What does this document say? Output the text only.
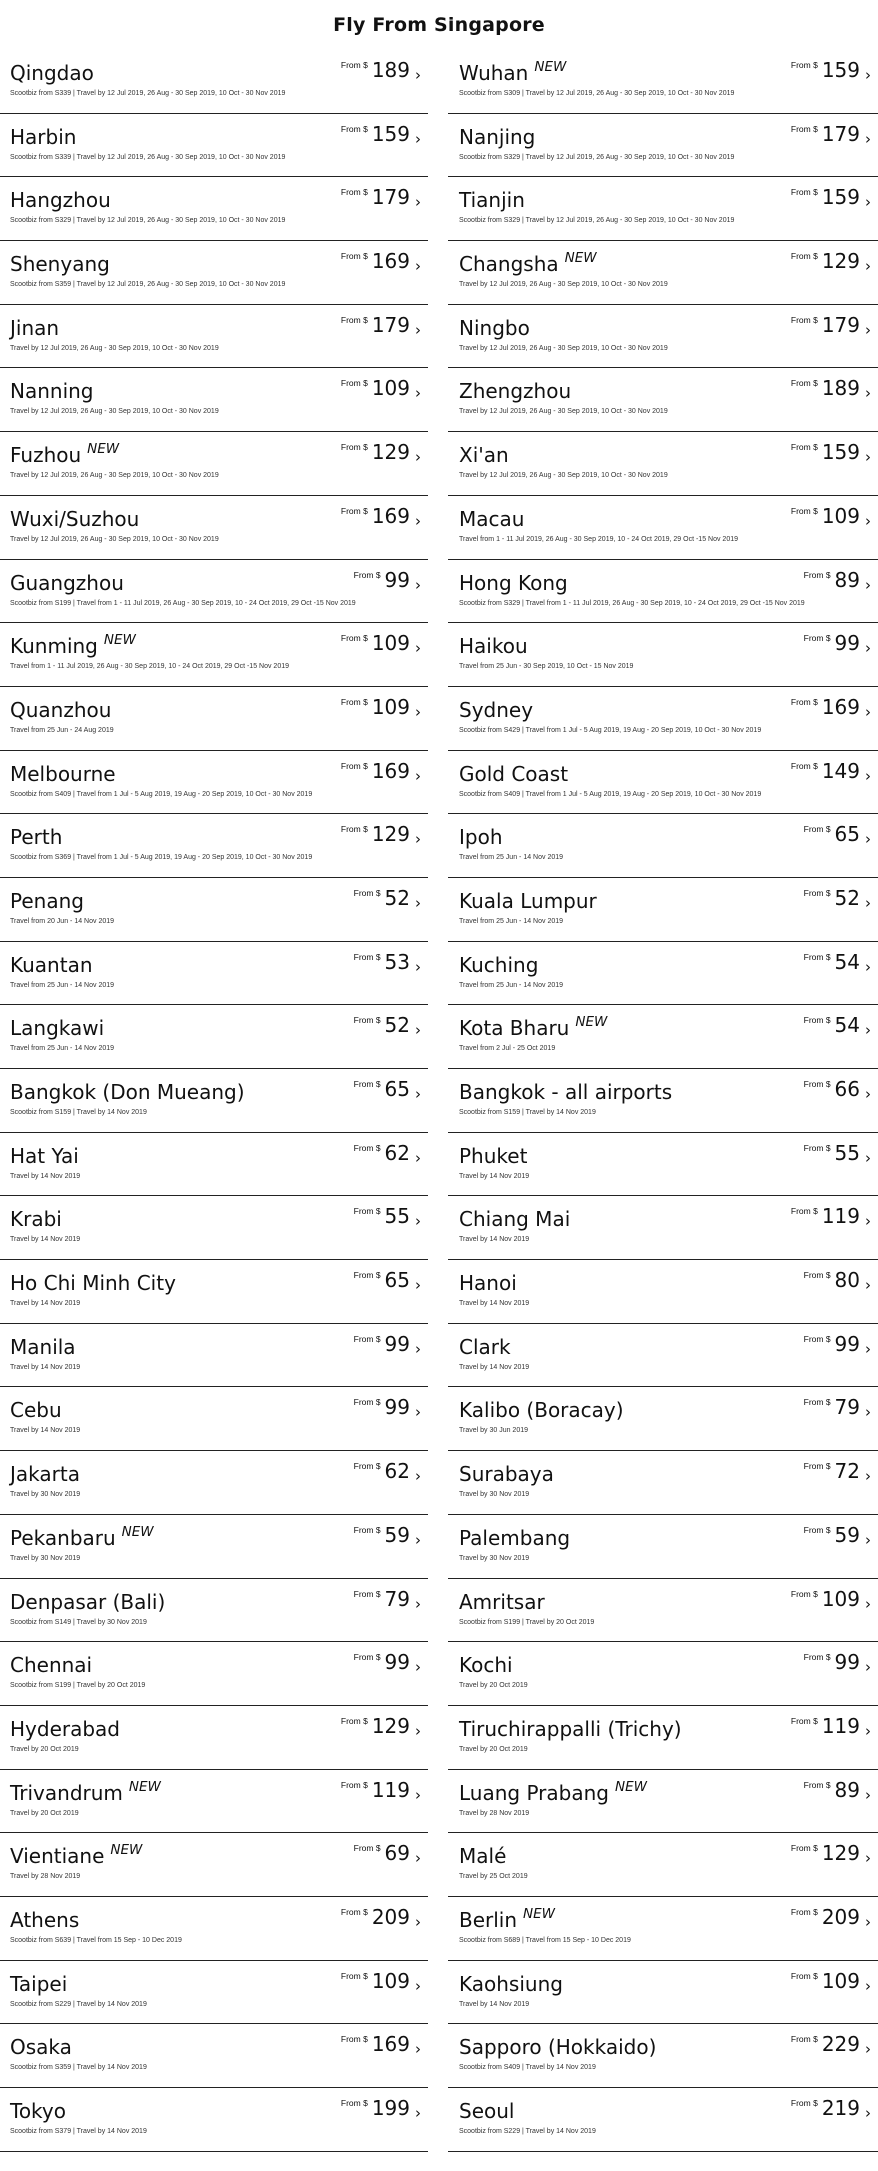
Fly From Singapore
Qingdao
Scootbiz from S339 | Travel by 12 Jul 2019, 26 Aug - 30 Sep 2019, 10 Oct - 30 Nov 2019
$^{From \$}$ 189 › Wuhan $^{NEW}$
Scootbiz from S309 | Travel by 12 Jul 2019, 26 Aug - 30 Sep 2019, 10 Oct - 30 Nov 2019
$^{From \$}$ 159 ›
Harbin
Scootbiz from S339 | Travel by 12 Jul 2019, 26 Aug - 30 Sep 2019, 10 Oct - 30 Nov 2019
$^{From \$}$ 159 › Nanjing
Scootbiz from S329 | Travel by 12 Jul 2019, 26 Aug - 30 Sep 2019, 10 Oct - 30 Nov 2019
$^{From \$}$ 179 ›
Hangzhou
Scootbiz from S329 | Travel by 12 Jul 2019, 26 Aug - 30 Sep 2019, 10 Oct - 30 Nov 2019
$^{From \$}$ 179 › Tianjin
Scootbiz from S329 | Travel by 12 Jul 2019, 26 Aug - 30 Sep 2019, 10 Oct - 30 Nov 2019
$^{From \$}$ 159 ›
Shenyang
Scootbiz from S359 | Travel by 12 Jul 2019, 26 Aug - 30 Sep 2019, 10 Oct - 30 Nov 2019
$^{From \$}$ 169 › Changsha $^{NEW}$
Travel by 12 Jul 2019, 26 Aug - 30 Sep 2019, 10 Oct - 30 Nov 2019
$^{From \$}$ 129 ›
Jinan
Travel by 12 Jul 2019, 26 Aug - 30 Sep 2019, 10 Oct - 30 Nov 2019
$^{From \$}$ 179 › Ningbo
Travel by 12 Jul 2019, 26 Aug - 30 Sep 2019, 10 Oct - 30 Nov 2019
$^{From \$}$ 179 ›
Nanning
Travel by 12 Jul 2019, 26 Aug - 30 Sep 2019, 10 Oct - 30 Nov 2019
$^{From \$}$ 109 › Zhengzhou
Travel by 12 Jul 2019, 26 Aug - 30 Sep 2019, 10 Oct - 30 Nov 2019
$^{From \$}$ 189 ›
Fuzhou $^{NEW}$
Travel by 12 Jul 2019, 26 Aug - 30 Sep 2019, 10 Oct - 30 Nov 2019
$^{From \$}$ 129 › Xi'an
Travel by 12 Jul 2019, 26 Aug - 30 Sep 2019, 10 Oct - 30 Nov 2019
$^{From \$}$ 159 ›
Wuxi/Suzhou
Travel by 12 Jul 2019, 26 Aug - 30 Sep 2019, 10 Oct - 30 Nov 2019
$^{From \$}$ 169 › Macau
Travel from 1 - 11 Jul 2019, 26 Aug - 30 Sep 2019, 10 - 24 Oct 2019, 29 Oct -15 Nov 2019
$^{From \$}$ 109 ›
Guangzhou
Scootbiz from S199 | Travel from 1 - 11 Jul 2019, 26 Aug - 30 Sep 2019, 10 - 24 Oct 2019, 29 Oct -15 Nov 2019
$^{From \$}$ 99 › Hong Kong
Scootbiz from S329 | Travel from 1 - 11 Jul 2019, 26 Aug - 30 Sep 2019, 10 - 24 Oct 2019, 29 Oct -15 Nov 2019
$^{From \$}$ 89 ›
Kunming $^{NEW}$
Travel from 1 - 11 Jul 2019, 26 Aug - 30 Sep 2019, 10 - 24 Oct 2019, 29 Oct -15 Nov 2019
$^{From \$}$ 109 › Haikou
Travel from 25 Jun - 30 Sep 2019, 10 Oct - 15 Nov 2019
$^{From \$}$ 99 ›
Quanzhou
Travel from 25 Jun - 24 Aug 2019
$^{From \$}$ 109 › Sydney
Scootbiz from S429 | Travel from 1 Jul - 5 Aug 2019, 19 Aug - 20 Sep 2019, 10 Oct - 30 Nov 2019
$^{From \$}$ 169 ›
Melbourne
Scootbiz from S409 | Travel from 1 Jul - 5 Aug 2019, 19 Aug - 20 Sep 2019, 10 Oct - 30 Nov 2019
$^{From \$}$ 169 › Gold Coast
Scootbiz from S409 | Travel from 1 Jul - 5 Aug 2019, 19 Aug - 20 Sep 2019, 10 Oct - 30 Nov 2019
$^{From \$}$ 149 ›
Perth
Scootbiz from S369 | Travel from 1 Jul - 5 Aug 2019, 19 Aug - 20 Sep 2019, 10 Oct - 30 Nov 2019
$^{From \$}$ 129 › Ipoh
Travel from 25 Jun - 14 Nov 2019
$^{From \$}$ 65 ›
Penang
Travel from 20 Jun - 14 Nov 2019
$^{From \$}$ 52 › Kuala Lumpur
Travel from 25 Jun - 14 Nov 2019
$^{From \$}$ 52 ›
Kuantan
Travel from 25 Jun - 14 Nov 2019
$^{From \$}$ 53 › Kuching
Travel from 25 Jun - 14 Nov 2019
$^{From \$}$ 54 ›
Langkawi
Travel from 25 Jun - 14 Nov 2019
$^{From \$}$ 52 › Kota Bharu $^{NEW}$
Travel from 2 Jul - 25 Oct 2019
$^{From \$}$ 54 ›
Bangkok (Don Mueang)
Scootbiz from S159 | Travel by 14 Nov 2019
$^{From \$}$ 65 › Bangkok - all airports
Scootbiz from S159 | Travel by 14 Nov 2019
$^{From \$}$ 66 ›
Hat Yai
Travel by 14 Nov 2019
$^{From \$}$ 62 › Phuket
Travel by 14 Nov 2019
$^{From \$}$ 55 ›
Krabi
Travel by 14 Nov 2019
$^{From \$}$ 55 › Chiang Mai
Travel by 14 Nov 2019
$^{From \$}$ 119 ›
Ho Chi Minh City
Travel by 14 Nov 2019
$^{From \$}$ 65 › Hanoi
Travel by 14 Nov 2019
$^{From \$}$ 80 ›
Manila
Travel by 14 Nov 2019
$^{From \$}$ 99 › Clark
Travel by 14 Nov 2019
$^{From \$}$ 99 ›
Cebu
Travel by 14 Nov 2019
$^{From \$}$ 99 › Kalibo (Boracay)
Travel by 30 Jun 2019
$^{From \$}$ 79 ›
Jakarta
Travel by 30 Nov 2019
$^{From \$}$ 62 › Surabaya
Travel by 30 Nov 2019
$^{From \$}$ 72 ›
Pekanbaru $^{NEW}$
Travel by 30 Nov 2019
$^{From \$}$ 59 › Palembang
Travel by 30 Nov 2019
$^{From \$}$ 59 ›
Denpasar (Bali)
Scootbiz from S149 | Travel by 30 Nov 2019
$^{From \$}$ 79 › Amritsar
Scootbiz from S199 | Travel by 20 Oct 2019
$^{From \$}$ 109 ›
Chennai
Scootbiz from S199 | Travel by 20 Oct 2019
$^{From \$}$ 99 › Kochi
Travel by 20 Oct 2019
$^{From \$}$ 99 ›
Hyderabad
Travel by 20 Oct 2019
$^{From \$}$ 129 › Tiruchirappalli (Trichy)
Travel by 20 Oct 2019
$^{From \$}$ 119 ›
Trivandrum $^{NEW}$
Travel by 20 Oct 2019
$^{From \$}$ 119 › Luang Prabang $^{NEW}$
Travel by 28 Nov 2019
$^{From \$}$ 89 ›
Vientiane $^{NEW}$
Travel by 28 Nov 2019
$^{From \$}$ 69 › Malé
Travel by 25 Oct 2019
$^{From \$}$ 129 ›
Athens
Scootbiz from S639 | Travel from 15 Sep - 10 Dec 2019
$^{From \$}$ 209 › Berlin $^{NEW}$
Scootbiz from S689 | Travel from 15 Sep - 10 Dec 2019
$^{From \$}$ 209 ›
Taipei
Scootbiz from S229 | Travel by 14 Nov 2019
$^{From \$}$ 109 › Kaohsiung
Travel by 14 Nov 2019
$^{From \$}$ 109 ›
Osaka
Scootbiz from S359 | Travel by 14 Nov 2019
$^{From \$}$ 169 › Sapporo (Hokkaido)
Scootbiz from S409 | Travel by 14 Nov 2019
$^{From \$}$ 229 ›
Tokyo
Scootbiz from S379 | Travel by 14 Nov 2019
$^{From \$}$ 199 › Seoul
Scootbiz from S229 | Travel by 14 Nov 2019
$^{From \$}$ 219 ›
